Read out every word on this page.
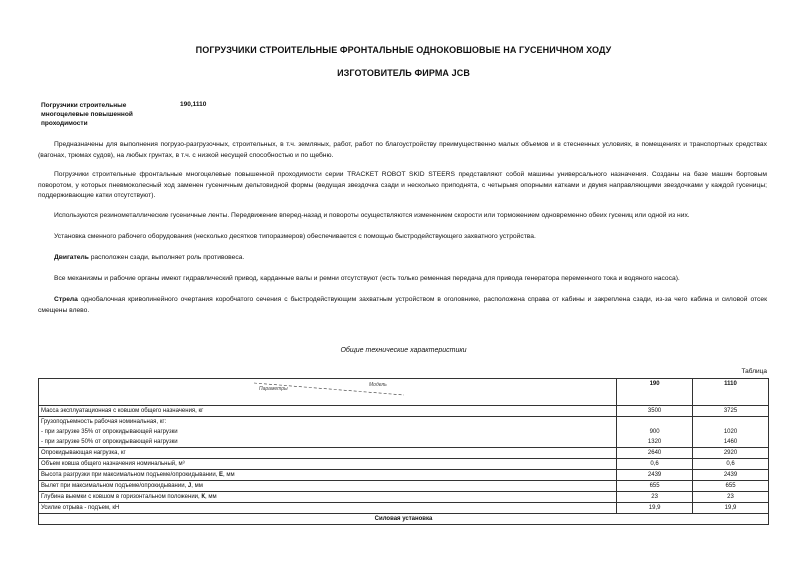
ПОГРУЗЧИКИ СТРОИТЕЛЬНЫЕ ФРОНТАЛЬНЫЕ ОДНОКОВШОВЫЕ НА ГУСЕНИЧНОМ ХОДУ
ИЗГОТОВИТЕЛЬ ФИРМА JCB
Погрузчики строительные многоцелевые повышенной проходимости
190,1110

Предназначены для выполнения погрузо-разгрузочных, строительных, в т.ч. земляных, работ, работ по благоустройству преимущественно малых объемов и в стесненных условиях, в помещениях и транспортных средствах (вагонах, трюмах судов), на любых грунтах, в т.ч. с низкой несущей способностью и по щебню.

Погрузчики строительные фронтальные многоцелевые повышенной проходимости серии TRACKET ROBOT SKID STEERS представляют собой машины универсального назначения. Созданы на базе машин бортовым поворотом, у которых пневмоколесный ход заменен гусеничным дельтовидной формы (ведущая звездочка сзади и несколько приподнята, с четырьмя опорными катками и двумя направляющими звездочками у каждой гусеницы; поддерживающие катки отсутствуют).

Используются резинометаллические гусеничные ленты. Передвижение вперед-назад и повороты осуществляются изменением скорости или торможением одновременно обеих гусениц или одной из них.

Установка сменного рабочего оборудования (несколько десятков типоразмеров) обеспечивается с помощью быстродействующего захватного устройства.

Двигатель расположен сзади, выполняет роль противовеса.

Все механизмы и рабочие органы имеют гидравлический привод, карданные валы и ремни отсутствуют (есть только ременная передача для привода генератора переменного тока и водяного насоса).

Стрела однобалочная криволинейного очертания коробчатого сечения с быстродействующим захватным устройством в оголовнике, расположена справа от кабины и закреплена сзади, из-за чего кабина и силовой отсек смещены влево.

Общие технические характеристики
Таблица
Модель
Параметры	190	1110
Масса эксплуатационная с ковшом общего назначения, кг	3500	3725
Грузоподъемность рабочая номинальная, кг:		
- при загрузке 35% от опрокидывающей нагрузки	900	1020
- при загрузке 50% от опрокидывающей нагрузки	1320	1460
Опрокидывающая нагрузка, кг	2640	2920
Объем ковша общего назначения номинальный, м³	0,6	0,6
Высота разгрузки при максимальном подъеме/опрокидывании, Е, мм	2439	2439
Вылет при максимальном подъеме/опрокидывании, J, мм	655	655
Глубина выемки с ковшом в горизонтальном положении, К, мм	23	23
Усилие отрыва - подъем, кН	19,9	19,9
Силовая установка		
